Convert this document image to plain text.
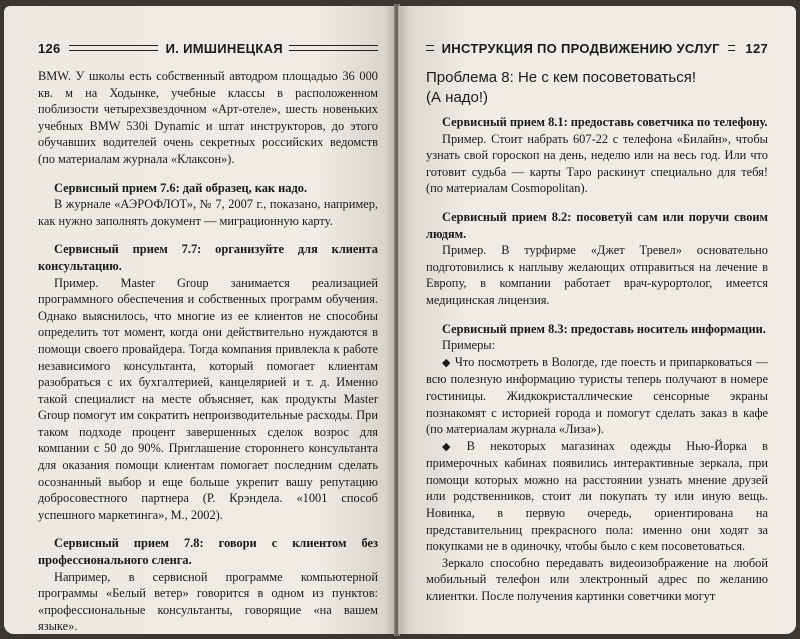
126	И. ИМШИНЕЦКАЯ

BMW. У школы есть собственный автодром площадью 36 000 кв. м на Ходынке, учебные классы в расположенном поблизости четырехзвездочном «Арт-отеле», шесть новеньких учебных BMW 530i Dynamic и штат инструкторов, до этого обучавших водителей очень секретных российских ведомств (по материалам журнала «Клаксон»).

Сервисный прием 7.6: дай образец, как надо.

В журнале «АЭРОФЛОТ», № 7, 2007 г., показано, например, как нужно заполнять документ — миграционную карту.

Сервисный прием 7.7: организуйте для клиента консультацию.

Пример. Master Group занимается реализацией программного обеспечения и собственных программ обучения. Однако выяснилось, что многие из ее клиентов не способны определить тот момент, когда они действительно нуждаются в помощи своего провайдера. Тогда компания привлекла к работе независимого консультанта, который помогает клиентам разобраться с их бухгалтерией, канцелярией и т. д. Именно такой специалист на месте объясняет, как продукты Master Group помогут им сократить непроизводительные расходы. При таком подходе процент завершенных сделок возрос для компании с 50 до 90%. Приглашение стороннего консультанта для оказания помощи клиентам помогает последним сделать осознанный выбор и еще больше укрепит вашу репутацию добросовестного партнера (Р. Крэндела. «1001 способ успешного маркетинга», М., 2002).

Сервисный прием 7.8: говори с клиентом без профессионального сленга.

Например, в сервисной программе компьютерной программы «Белый ветер» говорится в одном из пунктов: «профессиональные консультанты, говорящие «на вашем языке».

ИНСТРУКЦИЯ ПО ПРОДВИЖЕНИЮ УСЛУГ 127
Проблема 8: Не с кем посоветоваться!
(А надо!)

Сервисный прием 8.1: предоставь советчика по телефону.

Пример. Стоит набрать 607-22 с телефона «Билайн», чтобы узнать свой гороскоп на день, неделю или на весь год. Или что готовит судьба — карты Таро раскинут специально для тебя! (по материалам Cosmopolitan).

Сервисный прием 8.2: посоветуй сам или поручи своим людям.

Пример. В турфирме «Джет Тревел» основательно подготовились к наплыву желающих отправиться на лечение в Европу, в компании работает врач-курортолог, имеется медицинская лицензия.

Сервисный прием 8.3: предоставь носитель информации.

Примеры:

◆ Что посмотреть в Вологде, где поесть и припарковаться — всю полезную информацию туристы теперь получают в номере гостиницы. Жидкокристаллические сенсорные экраны познакомят с историей города и помогут сделать заказ в кафе (по материалам журнала «Лиза»).

◆ В некоторых магазинах одежды Нью-Йорка в примерочных кабинах появились интерактивные зеркала, при помощи которых можно на расстоянии узнать мнение друзей или родственников, стоит ли покупать ту или иную вещь. Новинка, в первую очередь, ориентирована на представительниц прекрасного пола: именно они ходят за покупками не в одиночку, чтобы было с кем посоветоваться.

Зеркало способно передавать видеоизображение на любой мобильный телефон или электронный адрес по желанию клиентки. После получения картинки советчики могут
